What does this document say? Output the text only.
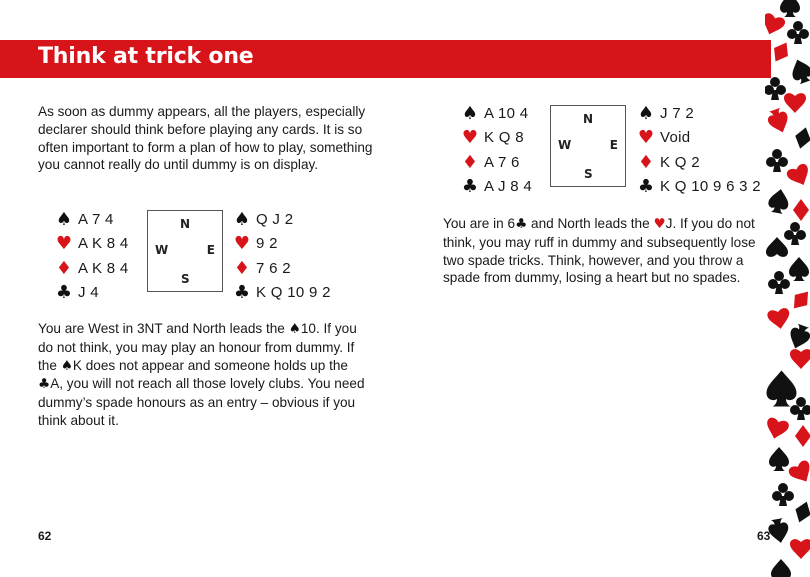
Think at trick one

As soon as dummy appears, all the players, especially declarer should think before playing any cards. It is so often important to form a plan of how to play, something you cannot really do until dummy is on display.

♠ A 7 4
♥ A K 8 4
♦ A K 8 4
♣ J 4
N
W	E
S
♠ Q J 2
♥ 9 2
♦ 7 6 2
♣ K Q 10 9 2

You are West in 3NT and North leads the ♠10. If you do not think, you may play an honour from dummy. If the ♠K does not appear and someone holds up the ♣A, you will not reach all those lovely clubs. You need dummy’s spade honours as an entry – obvious if you think about it.

♠ A 10 4
♥ K Q 8
♦ A 7 6
♣ A J 8 4
N
W	E
S
♠ J 7 2
♥ Void
♦ K Q 2
♣ K Q 10 9 6 3 2

You are in 6♣ and North leads the ♥J. If you do not think, you may ruff in dummy and subsequently lose two spade tricks. Think, however, and you throw a spade from dummy, losing a heart but no spades.

62	63
